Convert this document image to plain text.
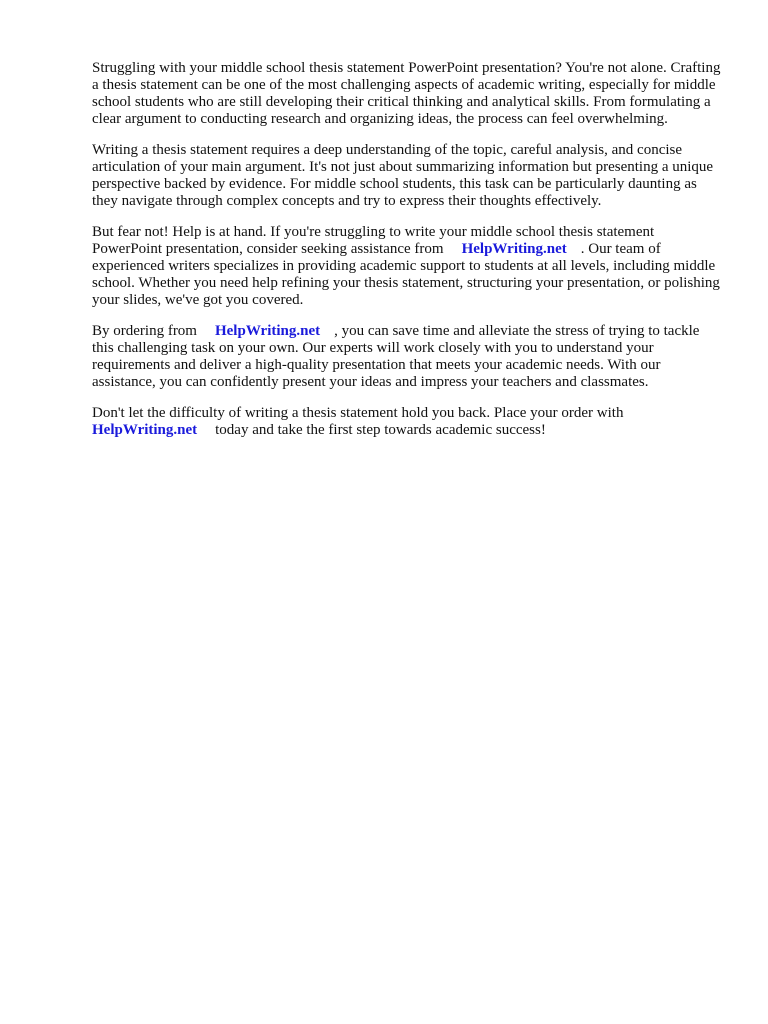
Struggling with your middle school thesis statement PowerPoint presentation? You're not alone. Crafting a thesis statement can be one of the most challenging aspects of academic writing, especially for middle school students who are still developing their critical thinking and analytical skills. From formulating a clear argument to conducting research and organizing ideas, the process can feel overwhelming.

Writing a thesis statement requires a deep understanding of the topic, careful analysis, and concise articulation of your main argument. It's not just about summarizing information but presenting a unique perspective backed by evidence. For middle school students, this task can be particularly daunting as they navigate through complex concepts and try to express their thoughts effectively.

But fear not! Help is at hand. If you're struggling to write your middle school thesis statement PowerPoint presentation, consider seeking assistance from HelpWriting.net . Our team of experienced writers specializes in providing academic support to students at all levels, including middle school. Whether you need help refining your thesis statement, structuring your presentation, or polishing your slides, we've got you covered.

By ordering from HelpWriting.net , you can save time and alleviate the stress of trying to tackle this challenging task on your own. Our experts will work closely with you to understand your requirements and deliver a high-quality presentation that meets your academic needs. With our assistance, you can confidently present your ideas and impress your teachers and classmates.

Don't let the difficulty of writing a thesis statement hold you back. Place your order with HelpWriting.net today and take the first step towards academic success!
